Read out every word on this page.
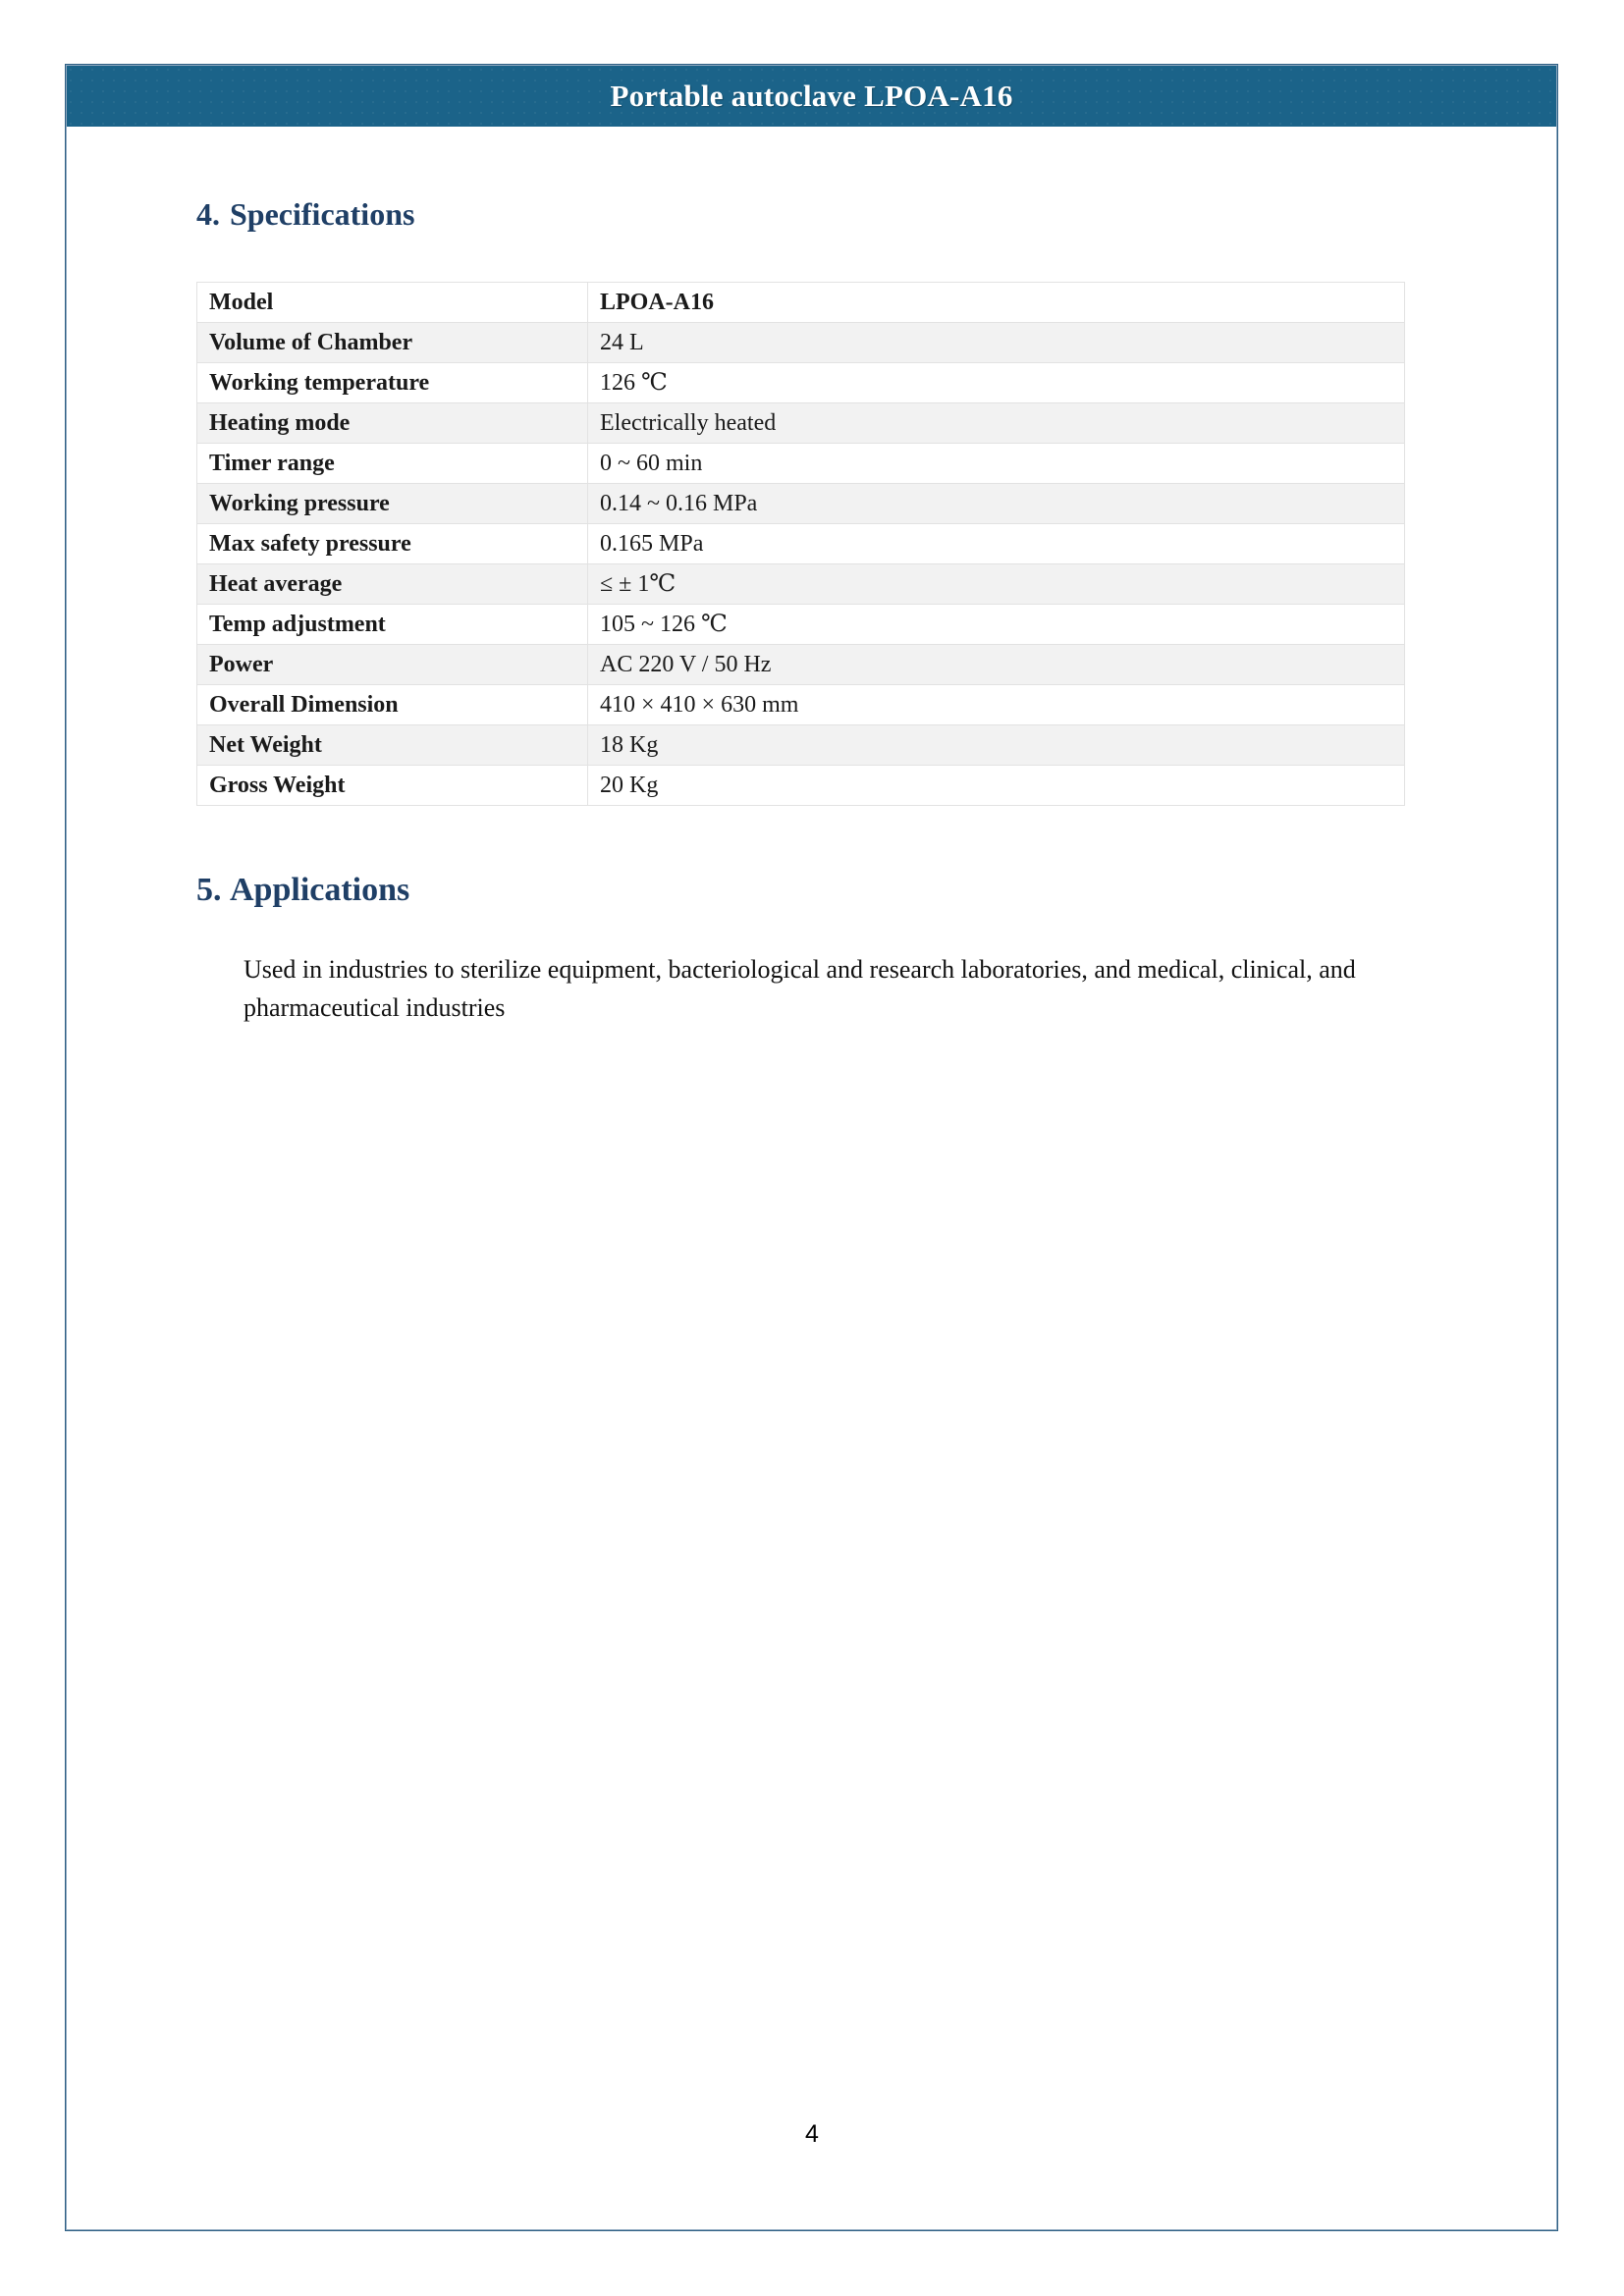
Portable autoclave LPOA-A16
4. Specifications
Model	LPOA-A16
Volume of Chamber	24 L
Working temperature	126 ℃
Heating mode	Electrically heated
Timer range	0 ~ 60 min
Working pressure	0.14 ~ 0.16 MPa
Max safety pressure	0.165 MPa
Heat average	≤ ± 1℃
Temp adjustment	105 ~ 126 ℃
Power	AC 220 V / 50 Hz
Overall Dimension	410 × 410 × 630 mm
Net Weight	18 Kg
Gross Weight	20 Kg
5. Applications
Used in industries to sterilize equipment, bacteriological and research laboratories, and medical, clinical, and pharmaceutical industries
4
